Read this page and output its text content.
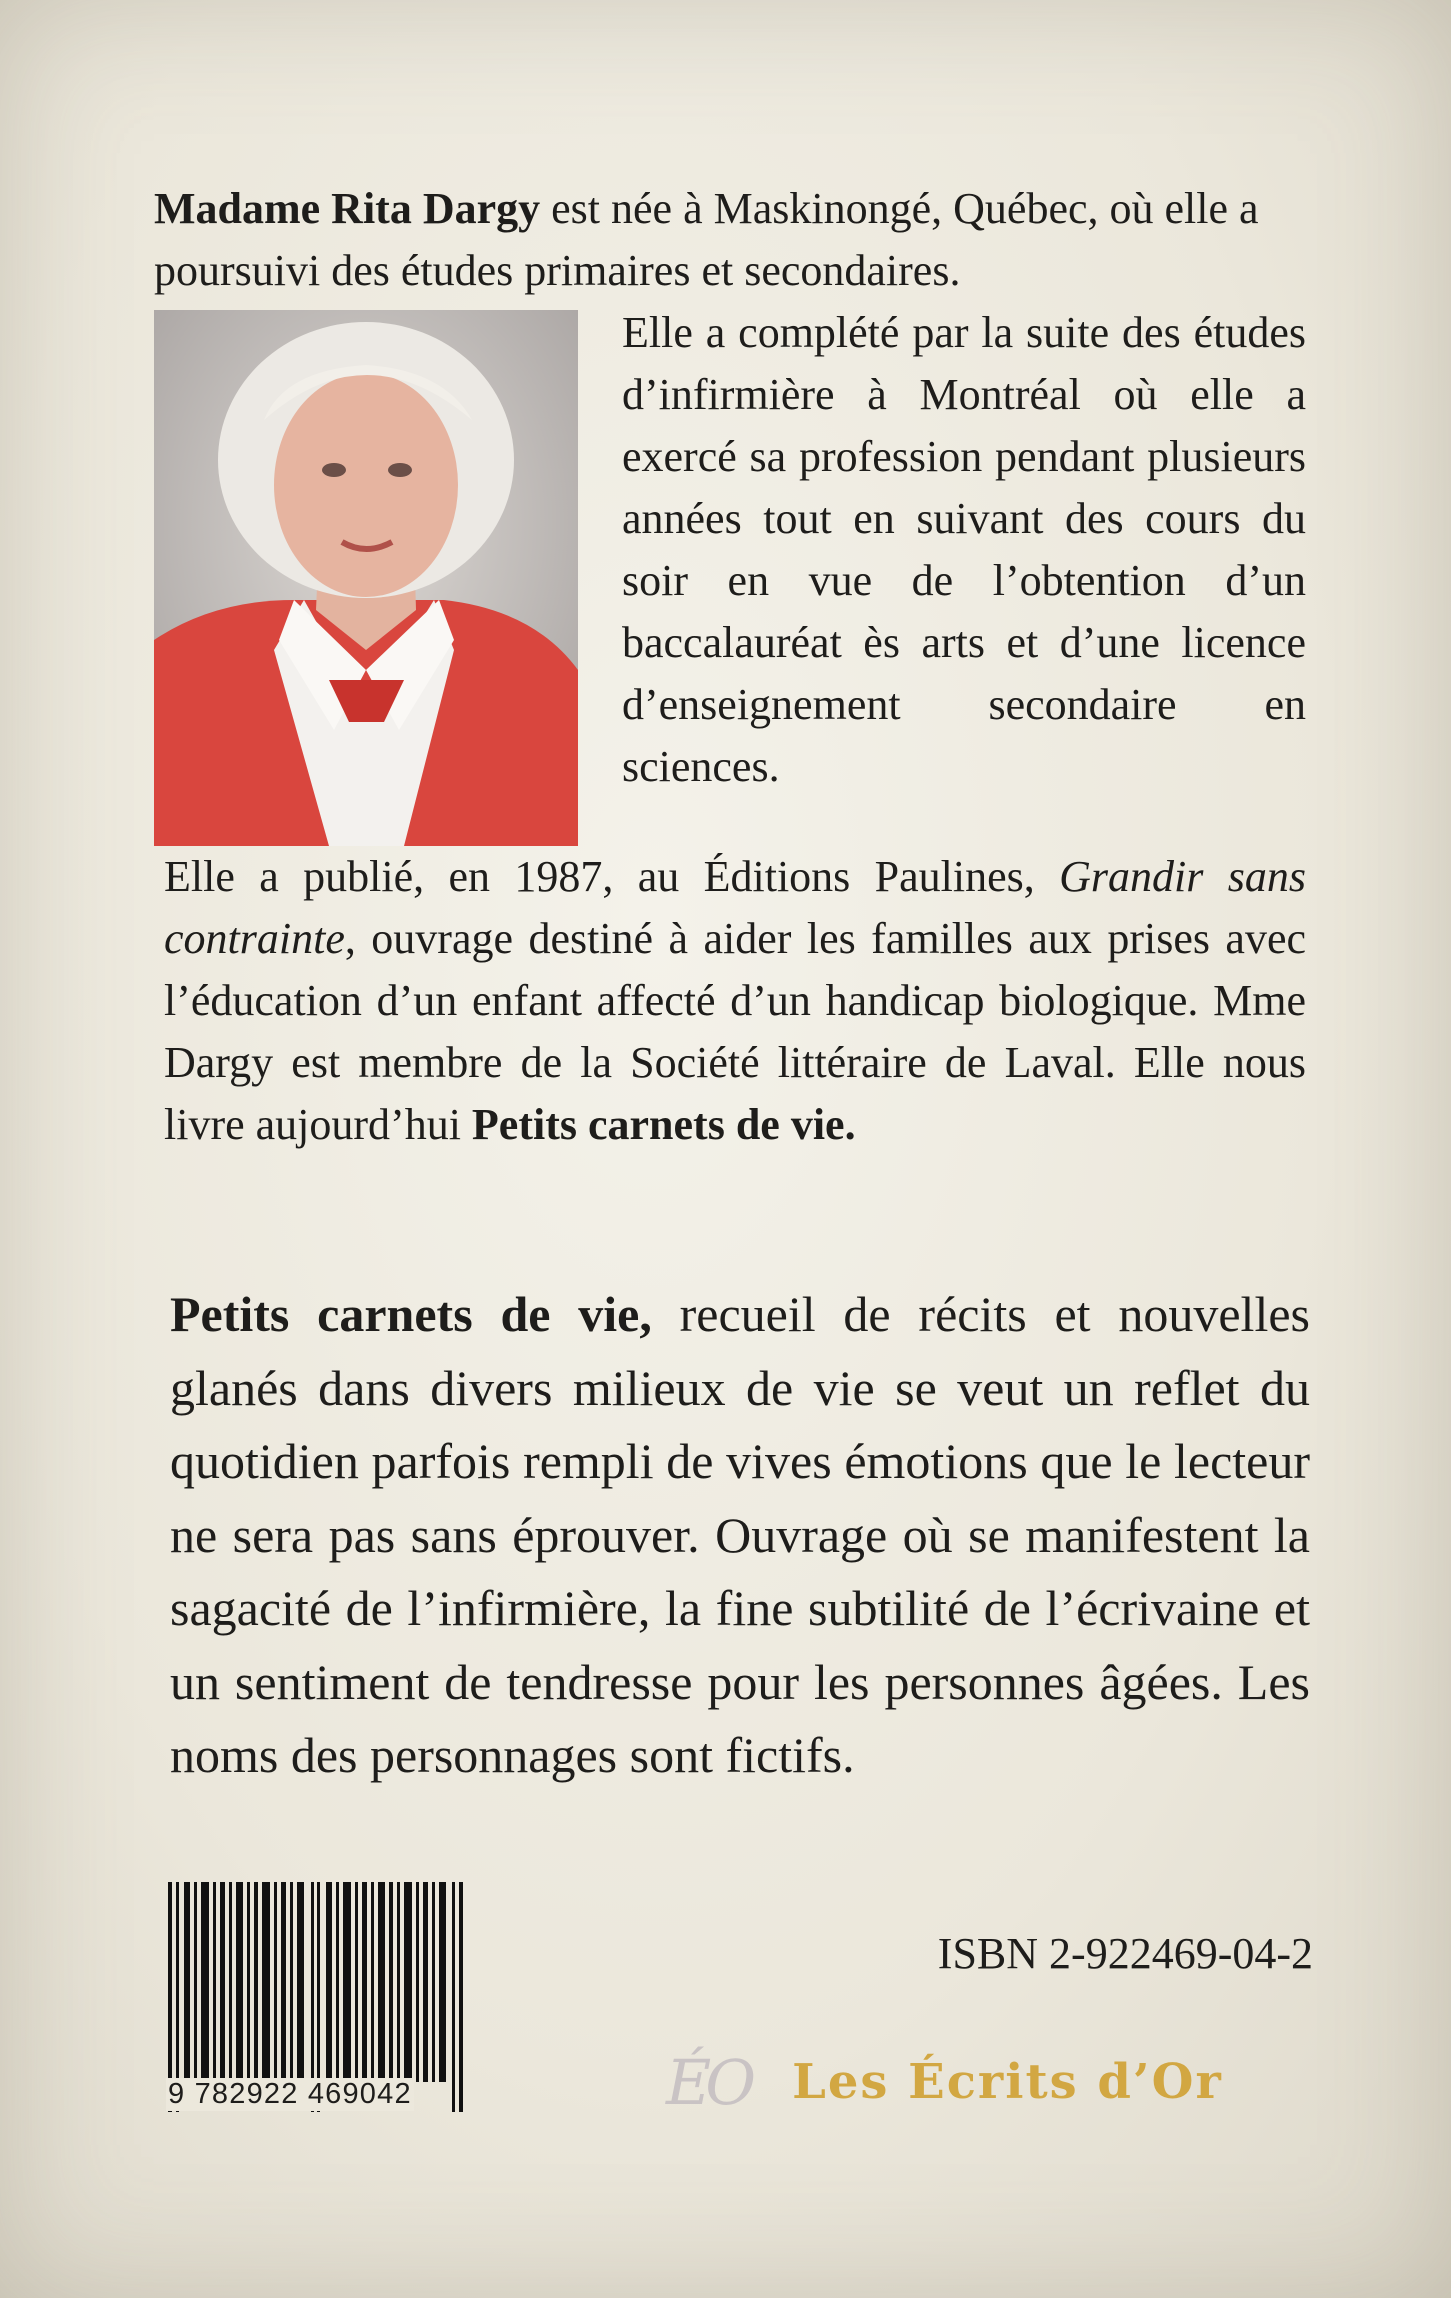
Madame Rita Dargy est née à Maskinongé, Québec, où elle a poursuivi des études primaires et secondaires.

Elle a complété par la suite des études d’infirmière à Montréal où elle a exercé sa profession pendant plusieurs années tout en suivant des cours du soir en vue de l’obtention d’un baccalauréat ès arts et d’une licence d’enseignement secondaire en sciences.

Elle a publié, en 1987, au Éditions Paulines, Grandir sans contrainte, ouvrage destiné à aider les familles aux prises avec l’éducation d’un enfant affecté d’un handicap biologique. Mme Dargy est membre de la Société littéraire de Laval. Elle nous livre aujourd’hui Petits carnets de vie.

Petits carnets de vie, recueil de récits et nouvelles glanés dans divers milieux de vie se veut un reflet du quotidien parfois rempli de vives émotions que le lecteur ne sera pas sans éprouver. Ouvrage où se manifestent la sagacité de l’infirmière, la fine subtilité de l’écrivaine et un sentiment de tendresse pour les personnes âgées. Les noms des personnages sont fictifs.

9 782922 469042
ISBN 2-922469-04-2
ÉO Les Écrits d’Or
